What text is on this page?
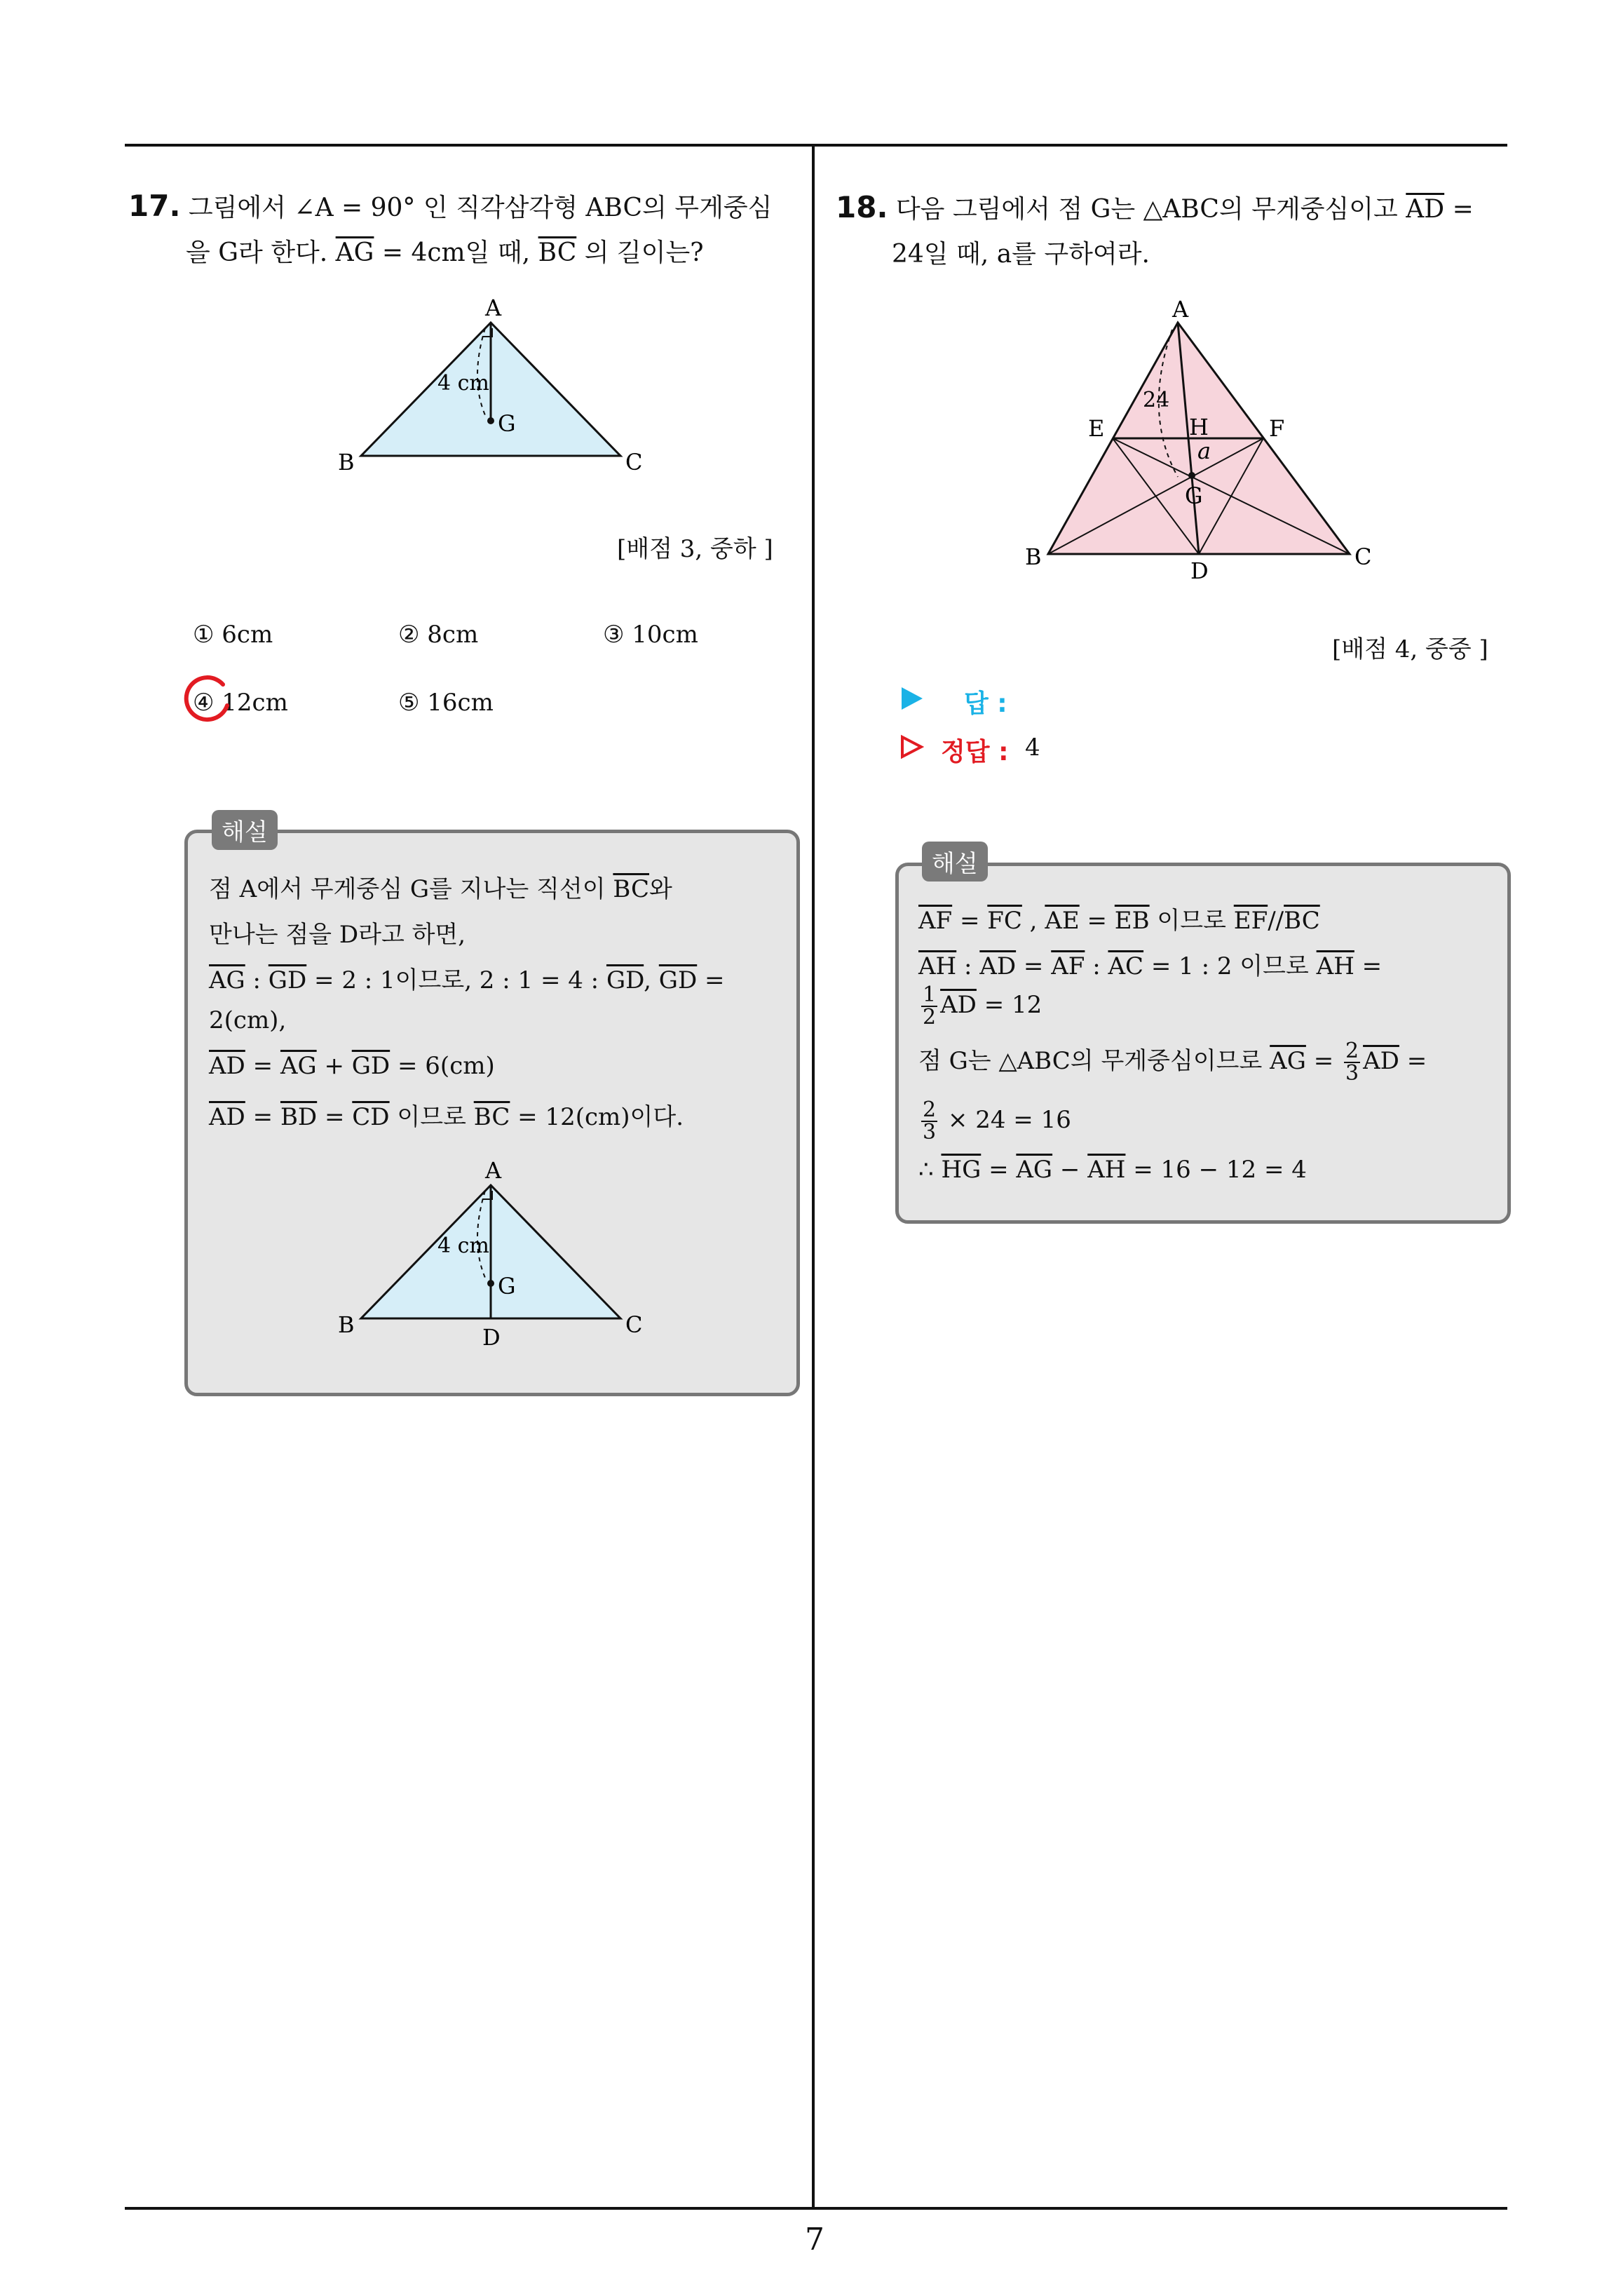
7
17. 그림에서 ∠A = 90° 인 직각삼각형 ABC의 무게중심
을 G라 한다. $\overline{AG} = 4cm$일 때, $\overline{BC}$ 의 길이는?
A
B	C
G
4 cm
[배점 3, 중하 ]
① 6cm	② 8cm	③ 10cm
④ 12cm	⑤ 16cm
해설
점 A에서 무게중심 G를 지나는 직선이 $\overline{BC}$와
만나는 점을 D라고 하면,
$\overline{AG}$ : $\overline{GD} = 2$ : 1이므로, 2 : 1 = 4 : $\overline{GD}$, $\overline{GD}$ =
2(cm),
$\overline{AD} = \overline{AG} + \overline{GD} = 6(cm)$
$\overline{AD} = \overline{BD} = \overline{CD}$ 이므로 $\overline{BC} = 12(cm)$이다.
A
B	C
G
D
4 cm
18. 다음 그림에서 점 G는 △ABC의 무게중심이고 $\overline{AD}$ =
24일 때, a를 구하여라.
A
B	C
D
E	F
G
H
a
24
[배점 4, 중중 ]
답 :
정답 : 4
해설
$\overline{AF} = \overline{FC}$ , $\overline{AE} = \overline{EB}$ 이므로 $\overline{EF}//\overline{BC}$
$\overline{AH}$ : $\overline{AD} = \overline{AF}$ : $\overline{AC} = 1$ : 2 이므로 $\overline{AH}$ =
$\frac{1}{2} \overline{AD} = 12$
점 G는 △ABC의 무게중심이므로 $\overline{AG} = \frac{2}{3} \overline{AD}$ =
$\frac{2}{3} \times 24 = 16$
∴ $\overline{HG} = \overline{AG} - \overline{AH} = 16 - 12 = 4$
